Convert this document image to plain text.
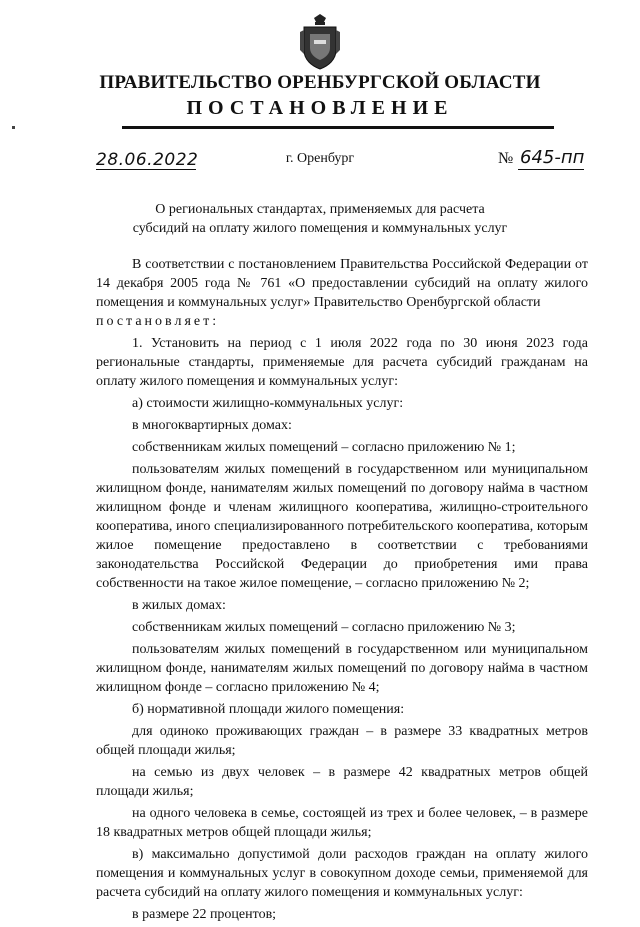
ПРАВИТЕЛЬСТВО ОРЕНБУРГСКОЙ ОБЛАСТИ
ПОСТАНОВЛЕНИЕ
28.06.2022	г. Оренбург	№ 645-пп
О региональных стандартах, применяемых для расчета
субсидий на оплату жилого помещения и коммунальных услуг

В соответствии с постановлением Правительства Российской Федерации от 14 декабря 2005 года № 761 «О предоставлении субсидий на оплату жилого помещения и коммунальных услуг» Правительство Оренбургской области

постановляет:

1. Установить на период с 1 июля 2022 года по 30 июня 2023 года региональные стандарты, применяемые для расчета субсидий гражданам на оплату жилого помещения и коммунальных услуг:

а) стоимости жилищно-коммунальных услуг:

в многоквартирных домах:

собственникам жилых помещений – согласно приложению № 1;

пользователям жилых помещений в государственном или муниципальном жилищном фонде, нанимателям жилых помещений по договору найма в частном жилищном фонде и членам жилищного кооператива, жилищно-строительного кооператива, иного специализированного потребительского кооператива, которым жилое помещение предоставлено в соответствии с требованиями законодательства Российской Федерации до приобретения ими права собственности на такое жилое помещение, – согласно приложению № 2;

в жилых домах:

собственникам жилых помещений – согласно приложению № 3;

пользователям жилых помещений в государственном или муниципальном жилищном фонде, нанимателям жилых помещений по договору найма в частном жилищном фонде – согласно приложению № 4;

б) нормативной площади жилого помещения:

для одиноко проживающих граждан – в размере 33 квадратных метров общей площади жилья;

на семью из двух человек – в размере 42 квадратных метров общей площади жилья;

на одного человека в семье, состоящей из трех и более человек, – в размере 18 квадратных метров общей площади жилья;

в) максимально допустимой доли расходов граждан на оплату жилого помещения и коммунальных услуг в совокупном доходе семьи, применяемой для расчета субсидий на оплату жилого помещения и коммунальных услуг:

в размере 22 процентов;
